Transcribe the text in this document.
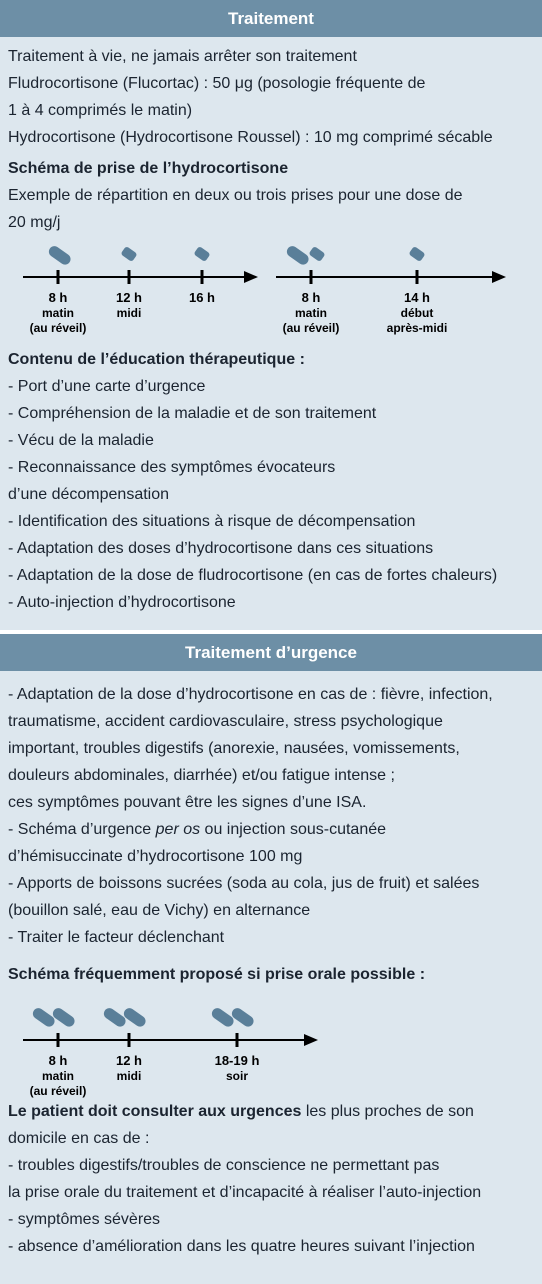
Traitement
Traitement à vie, ne jamais arrêter son traitement
Fludrocortisone (Flucortac) : 50 μg (posologie fréquente de
1 à 4 comprimés le matin)
Hydrocortisone (Hydrocortisone Roussel) : 10 mg comprimé sécable
Schéma de prise de l’hydrocortisone
Exemple de répartition en deux ou trois prises pour une dose de
20 mg/j
8 h
matin
(au réveil)
12 h
midi
16 h	8 h
matin
(au réveil)
14 h
début
après-midi
Contenu de l’éducation thérapeutique :
- Port d’une carte d’urgence
- Compréhension de la maladie et de son traitement
- Vécu de la maladie
- Reconnaissance des symptômes évocateurs
d’une décompensation
- Identification des situations à risque de décompensation
- Adaptation des doses d’hydrocortisone dans ces situations
- Adaptation de la dose de fludrocortisone (en cas de fortes chaleurs)
- Auto-injection d’hydrocortisone
Traitement d’urgence
- Adaptation de la dose d’hydrocortisone en cas de : fièvre, infection,
traumatisme, accident cardiovasculaire, stress psychologique
important, troubles digestifs (anorexie, nausées, vomissements,
douleurs abdominales, diarrhée) et/ou fatigue intense ;
ces symptômes pouvant être les signes d’une ISA.
- Schéma d’urgence per os ou injection sous-cutanée
d’hémisuccinate d’hydrocortisone 100 mg
- Apports de boissons sucrées (soda au cola, jus de fruit) et salées
(bouillon salé, eau de Vichy) en alternance
- Traiter le facteur déclenchant
Schéma fréquemment proposé si prise orale possible :
8 h
matin
(au réveil)
12 h
midi
18-19 h
soir
Le patient doit consulter aux urgences les plus proches de son
domicile en cas de :
- troubles digestifs/troubles de conscience ne permettant pas
la prise orale du traitement et d’incapacité à réaliser l’auto-injection
- symptômes sévères
- absence d’amélioration dans les quatre heures suivant l’injection
